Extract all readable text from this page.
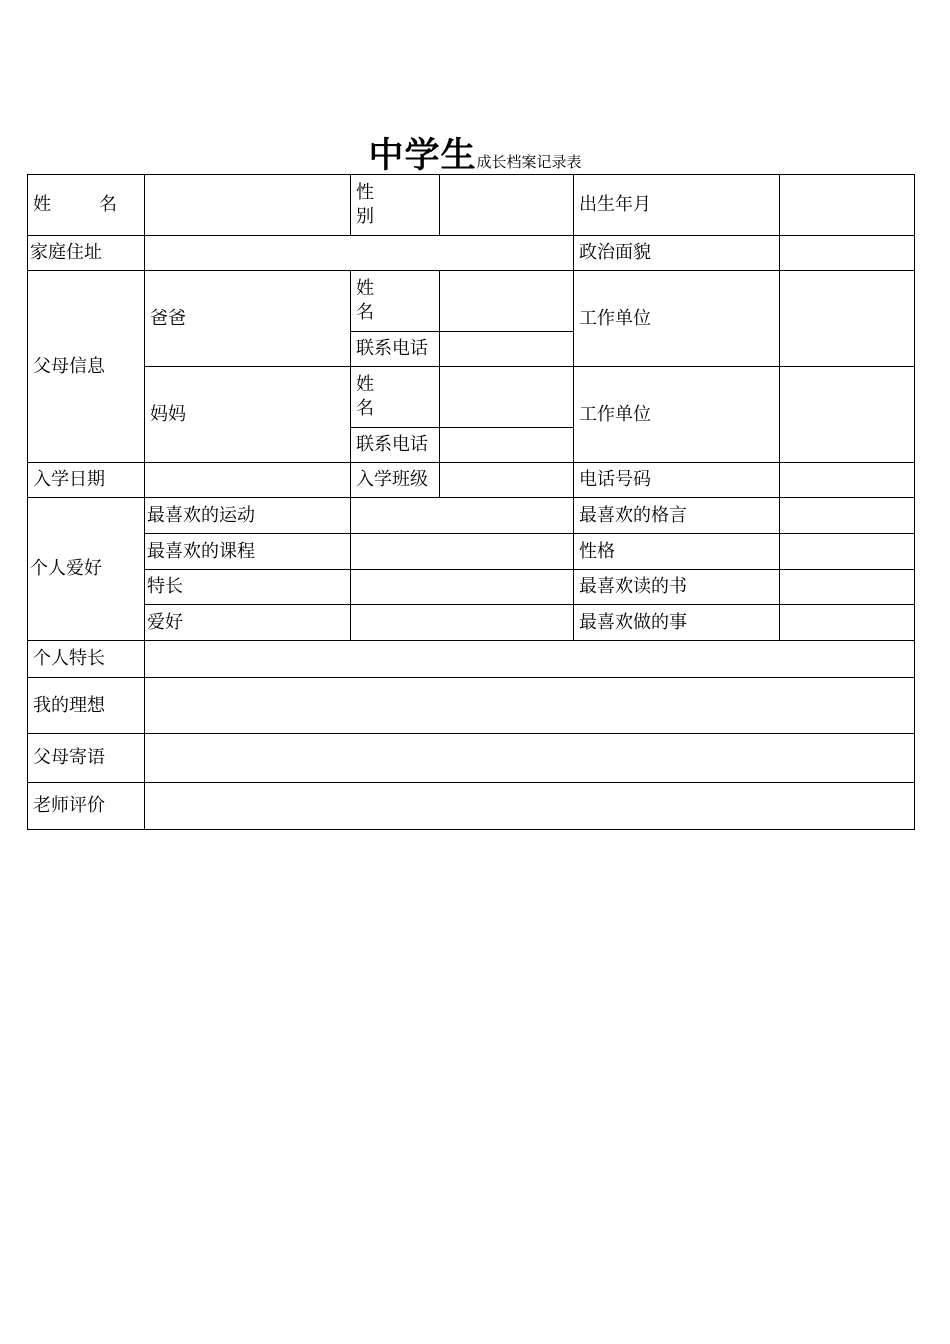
中学生成长档案记录表
姓 名		性
别		出生年月	
家庭住址				政治面貌	
父母信息	爸爸	姓
名		工作单位	
		联系电话			
	妈妈	姓
名		工作单位	
		联系电话			
入学日期		入学班级		电话号码	
个人爱好	最喜欢的运动			最喜欢的格言	
	最喜欢的课程			性格	
	特长			最喜欢读的书	
	爱好			最喜欢做的事	
个人特长					
我的理想					
父母寄语					
老师评价					
